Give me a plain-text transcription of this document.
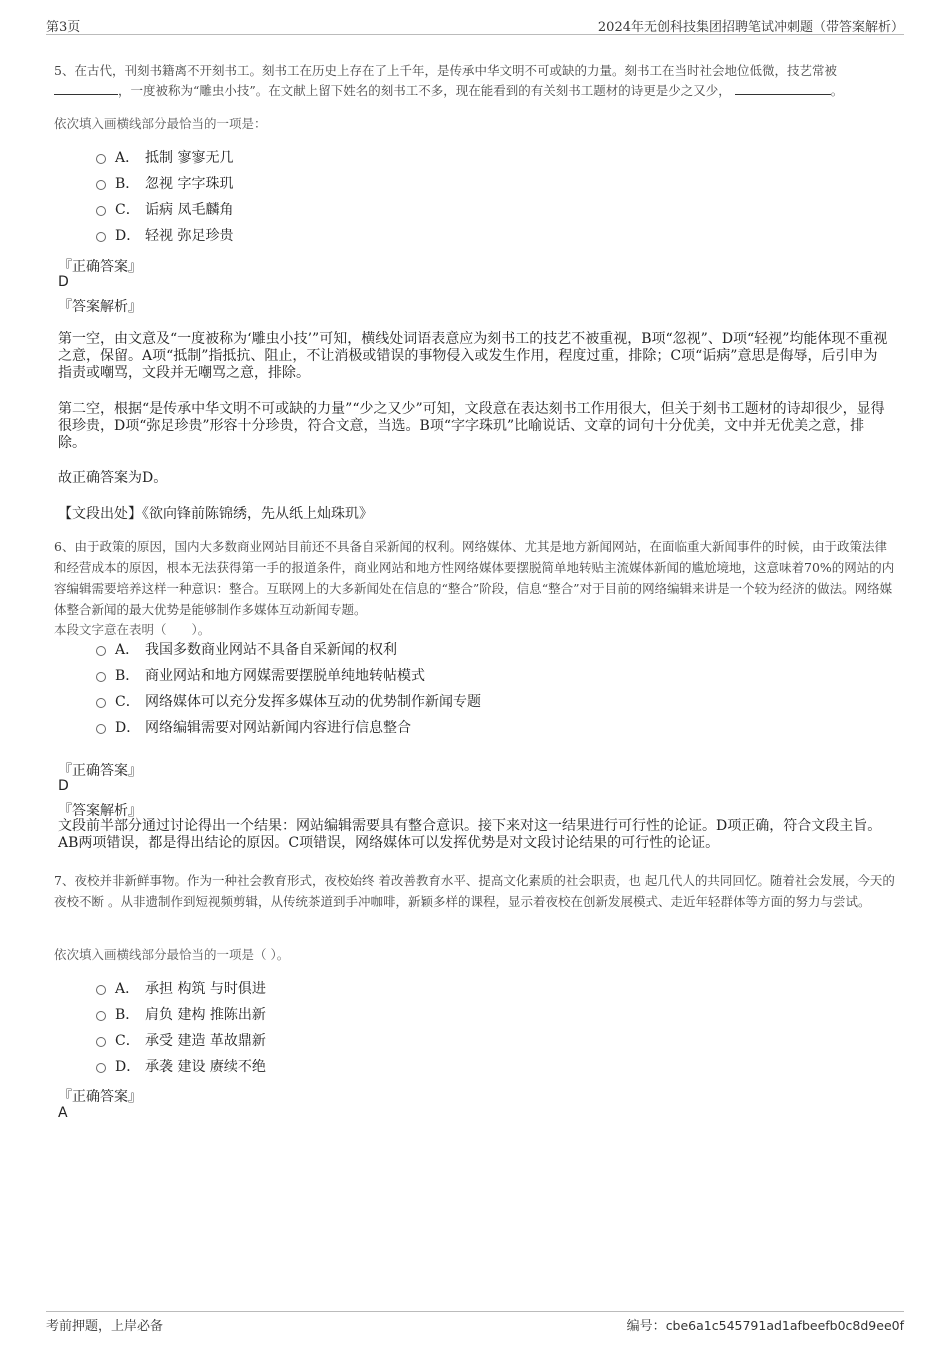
第3页	2024年无创科技集团招聘笔试冲刺题（带答案解析）
5、在古代，刊刻书籍离不开刻书工。刻书工在历史上存在了上千年，是传承中华文明不可或缺的力量。刻书工在当时社会地位低微，技艺常被
，一度被称为“雕虫小技”。在文献上留下姓名的刻书工不多，现在能看到的有关刻书工题材的诗更是少之又少，	。
依次填入画横线部分最恰当的一项是：
A． 抵制 寥寥无几
B． 忽视 字字珠玑
C． 诟病 凤毛麟角
D． 轻视 弥足珍贵
『正确答案』
D
『答案解析』
第一空，由文意及“一度被称为‘雕虫小技’”可知，横线处词语表意应为刻书工的技艺不被重视，B项“忽视”、D项“轻视”均能体现不重视之意，保留。A项“抵制”指抵抗、阻止，不让消极或错误的事物侵入或发生作用，程度过重，排除；C项“诟病”意思是侮辱，后引申为指责或嘲骂，文段并无嘲骂之意，排除。
第二空，根据“是传承中华文明不可或缺的力量”“少之又少”可知，文段意在表达刻书工作用很大，但关于刻书工题材的诗却很少，显得很珍贵，D项“弥足珍贵”形容十分珍贵，符合文意，当选。B项“字字珠玑”比喻说话、文章的词句十分优美，文中并无优美之意，排除。
故正确答案为D。
【文段出处】《欲向锋前陈锦绣，先从纸上灿珠玑》
6、由于政策的原因，国内大多数商业网站目前还不具备自采新闻的权利。网络媒体、尤其是地方新闻网站，在面临重大新闻事件的时候，由于政策法律和经营成本的原因，根本无法获得第一手的报道条件，商业网站和地方性网络媒体要摆脱简单地转贴主流媒体新闻的尴尬境地，这意味着70%的网站的内容编辑需要培养这样一种意识：整合。互联网上的大多新闻处在信息的“整合”阶段，信息“整合”对于目前的网络编辑来讲是一个较为经济的做法。网络媒体整合新闻的最大优势是能够制作多媒体互动新闻专题。
本段文字意在表明（　　）。
A． 我国多数商业网站不具备自采新闻的权利
B． 商业网站和地方网媒需要摆脱单纯地转帖模式
C． 网络媒体可以充分发挥多媒体互动的优势制作新闻专题
D． 网络编辑需要对网站新闻内容进行信息整合
『正确答案』
D
『答案解析』
文段前半部分通过讨论得出一个结果：网站编辑需要具有整合意识。接下来对这一结果进行可行性的论证。D项正确，符合文段主旨。AB两项错误，都是得出结论的原因。C项错误，网络媒体可以发挥优势是对文段讨论结果的可行性的论证。
7、夜校并非新鲜事物。作为一种社会教育形式，夜校始终 着改善教育水平、提高文化素质的社会职责，也 起几代人的共同回忆。随着社会发展，今天的夜校不断 。从非遗制作到短视频剪辑，从传统茶道到手冲咖啡，新颖多样的课程，显示着夜校在创新发展模式、走近年轻群体等方面的努力与尝试。
依次填入画横线部分最恰当的一项是（ ）。
A． 承担 构筑 与时俱进
B． 肩负 建构 推陈出新
C． 承受 建造 革故鼎新
D． 承袭 建设 赓续不绝
『正确答案』
A
考前押题，上岸必备	编号：cbe6a1c545791ad1afbeefb0c8d9ee0f
